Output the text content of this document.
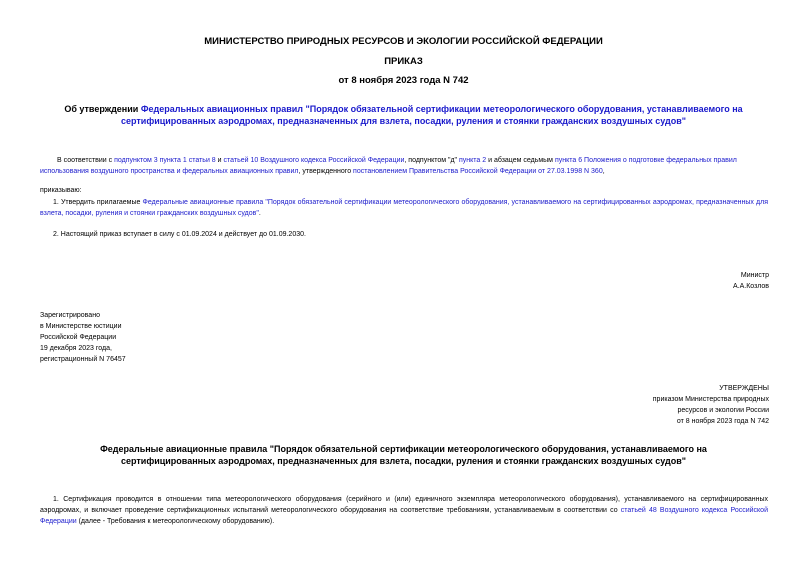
МИНИСТЕРСТВО ПРИРОДНЫХ РЕСУРСОВ И ЭКОЛОГИИ РОССИЙСКОЙ ФЕДЕРАЦИИ
ПРИКАЗ
от 8 ноября 2023 года N 742
Об утверждении Федеральных авиационных правил "Порядок обязательной сертификации метеорологического оборудования, устанавливаемого на сертифицированных аэродромах, предназначенных для взлета, посадки, руления и стоянки гражданских воздушных судов"
В соответствии с подпунктом 3 пункта 1 статьи 8 и статьей 10 Воздушного кодекса Российской Федерации, подпунктом "д" пункта 2 и абзацем седьмым пункта 6 Положения о подготовке федеральных правил использования воздушного пространства и федеральных авиационных правил, утвержденного постановлением Правительства Российской Федерации от 27.03.1998 N 360,
приказываю:
1. Утвердить прилагаемые Федеральные авиационные правила "Порядок обязательной сертификации метеорологического оборудования, устанавливаемого на сертифицированных аэродромах, предназначенных для взлета, посадки, руления и стоянки гражданских воздушных судов".
2. Настоящий приказ вступает в силу с 01.09.2024 и действует до 01.09.2030.
Министр
А.А.Козлов
Зарегистрировано
в Министерстве юстиции
Российской Федерации
19 декабря 2023 года,
регистрационный N 76457
УТВЕРЖДЕНЫ
приказом Министерства природных
ресурсов и экологии России
от 8 ноября 2023 года N 742
Федеральные авиационные правила "Порядок обязательной сертификации метеорологического оборудования, устанавливаемого на сертифицированных аэродромах, предназначенных для взлета, посадки, руления и стоянки гражданских воздушных судов"
1. Сертификация проводится в отношении типа метеорологического оборудования (серийного и (или) единичного экземпляра метеорологического оборудования), устанавливаемого на сертифицированных аэродромах, и включает проведение сертификационных испытаний метеорологического оборудования на соответствие требованиям, устанавливаемым в соответствии со статьей 48 Воздушного кодекса Российской Федерации (далее - Требования к метеорологическому оборудованию).
